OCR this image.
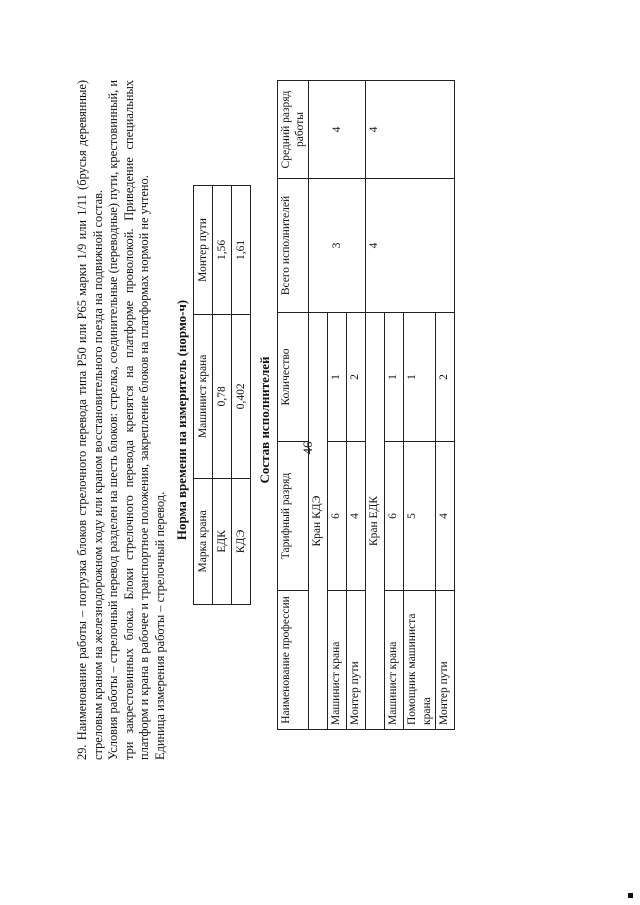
46

29. Наименование работы – погрузка блоков стрелочного перевода типа Р50 или Р65 марки 1/9 или 1/11 (брусья деревянные) стреловым краном на железнодорожном ходу или краном восстановительного поезда на подвижной состав. Условия работы – стрелочный перевод разделен на шесть блоков: стрелка, соединительные (переводные) пути, крестовинный, и три закрестовинных блока. Блоки стрелочного перевода крепятся на платформе проволокой. Приведение специальных платформ и крана в рабочее и транспортное положения, закрепление блоков на платформах нормой не учтено. Единица измерения работы – стрелочный перевод.

Норма времени на измеритель (нормо-ч)
Марка крана	Машинист крана	Монтер пути
ЕДК	0,78	1,56
КДЭ	0,402	1,61
Состав исполнителей
Наименование профессии	Тарифный разряд	Количество	Всего исполнителей	Средний разряд работы
Кран КДЭ			3	4
Машинист крана	6	1		
Монтер пути	4	2		
Кран ЕДК			4	4
Машинист крана	6	1		
Помощник машиниста крана	5	1		
Монтер пути	4	2		
